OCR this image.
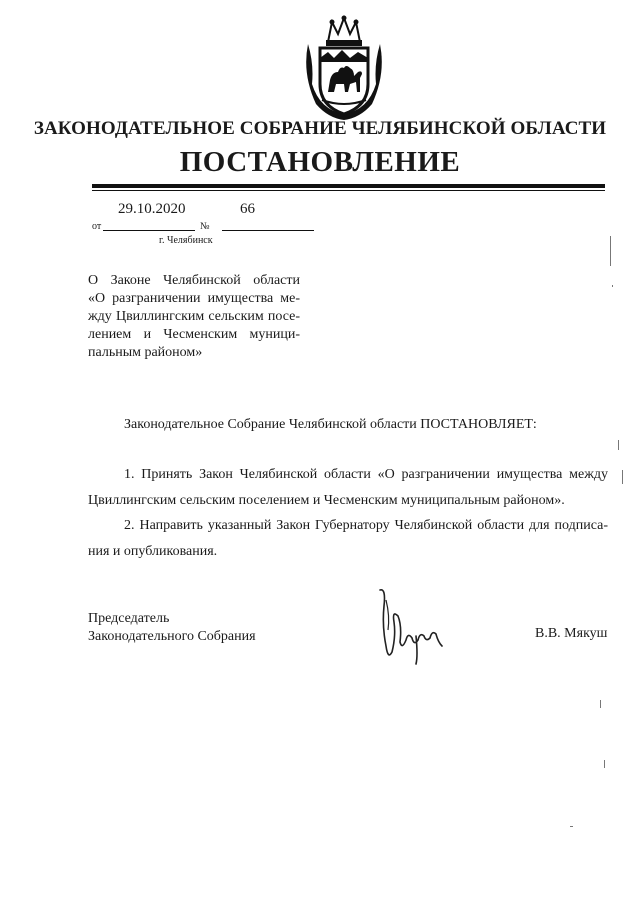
ЗАКОНОДАТЕЛЬНОЕ СОБРАНИЕ ЧЕЛЯБИНСКОЙ ОБЛАСТИ
ПОСТАНОВЛЕНИЕ
29.10.2020	66
от	№
г. Челябинск
О Законе Челябинской области
«О разграничении имущества ме-
жду Цвиллингским сельским посе-
лением и Чесменским муници-
пальным районом»
Законодательное Собрание Челябинской области ПОСТАНОВЛЯЕТ:
1. Принять Закон Челябинской области «О разграничении имущества между
Цвиллингским сельским поселением и Чесменским муниципальным районом».
2. Направить указанный Закон Губернатору Челябинской области для подписа-
ния и опубликования.
Председатель
Законодательного Собрания	В.В. Мякуш
